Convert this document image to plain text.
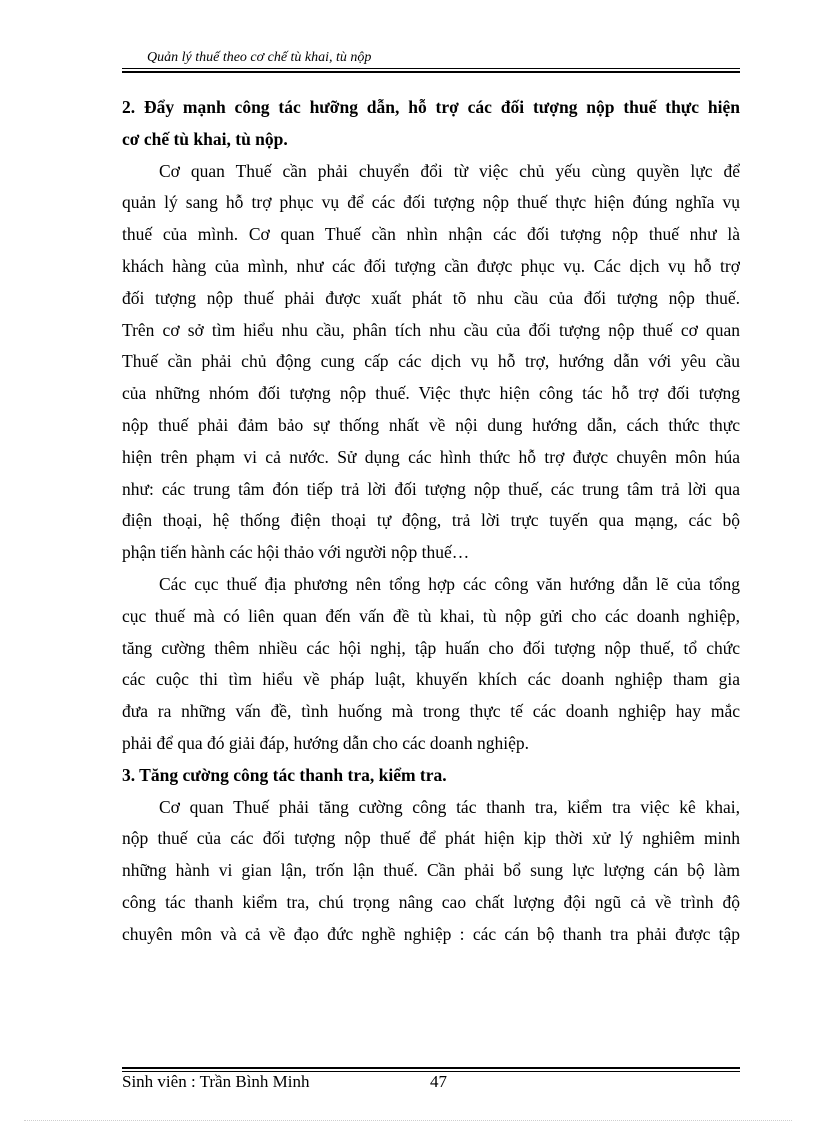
Quản lý thuế theo cơ chế tù khai, tù nộp
2. Đẩy mạnh công tác hưỡng dẫn, hỗ trợ các đối tượng nộp thuế thực hiện
cơ chế tù khai, tù nộp.
Cơ quan Thuế cần phải chuyển đổi từ việc chủ yếu cùng quyền lực để
quản lý sang hỗ trợ phục vụ để các đối tượng nộp thuế thực hiện đúng nghĩa vụ
thuế của mình. Cơ quan Thuế cần nhìn nhận các đối tượng nộp thuế như là
khách hàng của mình, như các đối tượng cần được phục vụ. Các dịch vụ hỗ trợ
đối tượng nộp thuế phải được xuất phát tõ nhu cầu của đối tượng nộp thuế.
Trên cơ sở tìm hiểu nhu cầu, phân tích nhu cầu của đối tượng nộp thuế cơ quan
Thuế cần phải chủ động cung cấp các dịch vụ hỗ trợ, hướng dẫn với yêu cầu
của những nhóm đối tượng nộp thuế. Việc thực hiện công tác hỗ trợ đối tượng
nộp thuế phải đảm bảo sự thống nhất về nội dung hướng dẫn, cách thức thực
hiện trên phạm vi cả nước. Sử dụng các hình thức hỗ trợ được chuyên môn húa
như: các trung tâm đón tiếp trả lời đối tượng nộp thuế, các trung tâm trả lời qua
điện thoại, hệ thống điện thoại tự động, trả lời trực tuyến qua mạng, các bộ
phận tiến hành các hội thảo với người nộp thuế…
Các cục thuế địa phương nên tổng hợp các công văn hướng dẫn lẽ của tổng
cục thuế mà có liên quan đến vấn đề tù khai, tù nộp gửi cho các doanh nghiệp,
tăng cường thêm nhiều các hội nghị, tập huấn cho đối tượng nộp thuế, tổ chức
các cuộc thi tìm hiểu về pháp luật, khuyến khích các doanh nghiệp tham gia
đưa ra những vấn đề, tình huống mà trong thực tế các doanh nghiệp hay mắc
phải để qua đó giải đáp, hướng dẫn cho các doanh nghiệp.
3. Tăng cường công tác thanh tra, kiểm tra.
Cơ quan Thuế phải tăng cường công tác thanh tra, kiểm tra việc kê khai,
nộp thuế của các đối tượng nộp thuế để phát hiện kịp thời xử lý nghiêm minh
những hành vi gian lận, trốn lận thuế. Cần phải bổ sung lực lượng cán bộ làm
công tác thanh kiểm tra, chú trọng nâng cao chất lượng đội ngũ cả về trình độ
chuyên môn và cả về đạo đức nghề nghiệp : các cán bộ thanh tra phải được tập
Sinh viên : Trần Bình Minh	47
